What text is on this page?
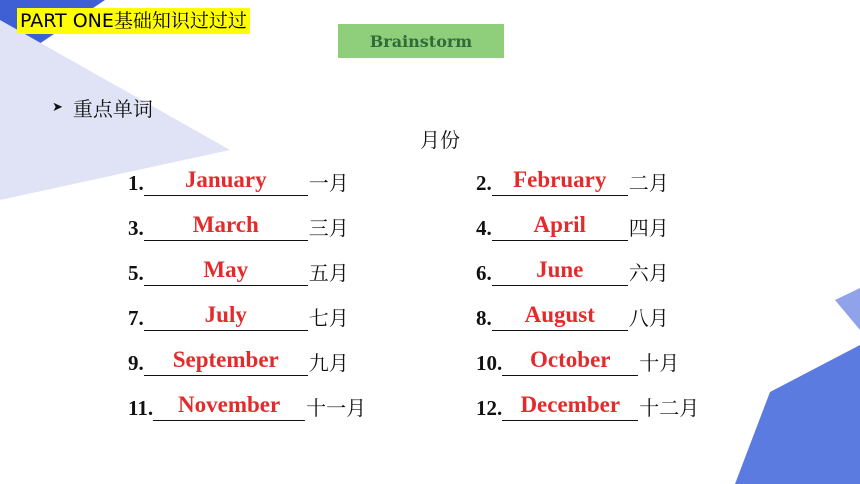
PART ONE基础知识过过过
Brainstorm
➤ 重点单词
月份
1.	January	一月
3.	March	三月
5.	May	五月
7.	July	七月
9.	September	九月
11.	November	十一月
2. February	二月
4.	April	四月
6.	June	六月
8.	August	八月
10.	October	十月
12. December 十二月
